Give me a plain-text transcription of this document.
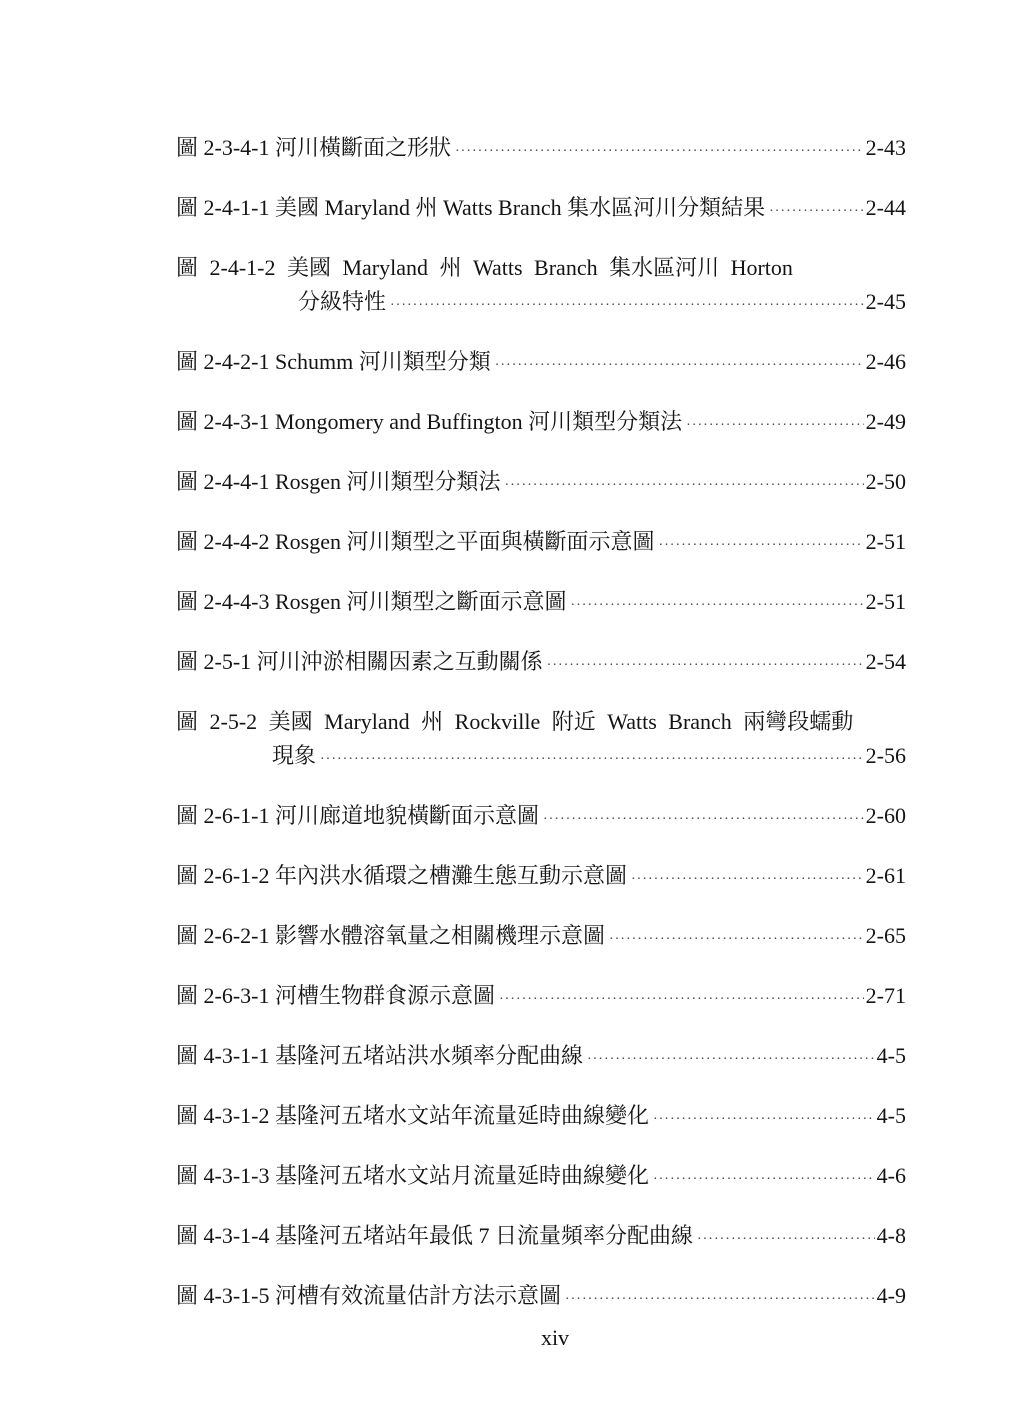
圖 2-3-4-1 河川橫斷面之形狀 ·····	2-43
圖 2-4-1-1 美國 Maryland 州 Watts Branch 集水區河川分類結果 ·····	2-44
圖 2-4-1-2 美國 Maryland 州 Watts Branch 集水區河川 Horton
分級特性 ·····	2-45
圖 2-4-2-1 Schumm 河川類型分類 ·····	2-46
圖 2-4-3-1 Mongomery and Buffington 河川類型分類法 ·····	2-49
圖 2-4-4-1 Rosgen 河川類型分類法 ·····	2-50
圖 2-4-4-2 Rosgen 河川類型之平面與橫斷面示意圖 ·····	2-51
圖 2-4-4-3 Rosgen 河川類型之斷面示意圖 ·····	2-51
圖 2-5-1 河川沖淤相關因素之互動關係 ·····	2-54
圖 2-5-2 美國 Maryland 州 Rockville 附近 Watts Branch 兩彎段蠕動
現象 ·····	2-56
圖 2-6-1-1 河川廊道地貌橫斷面示意圖 ·····	2-60
圖 2-6-1-2 年內洪水循環之槽灘生態互動示意圖 ·····	2-61
圖 2-6-2-1 影響水體溶氧量之相關機理示意圖 ·····	2-65
圖 2-6-3-1 河槽生物群食源示意圖 ·····	2-71
圖 4-3-1-1 基隆河五堵站洪水頻率分配曲線 ·····	4-5
圖 4-3-1-2 基隆河五堵水文站年流量延時曲線變化 ·····	4-5
圖 4-3-1-3 基隆河五堵水文站月流量延時曲線變化 ·····	4-6
圖 4-3-1-4 基隆河五堵站年最低 7 日流量頻率分配曲線 ·····	4-8
圖 4-3-1-5 河槽有效流量估計方法示意圖 ·····	4-9
xiv
